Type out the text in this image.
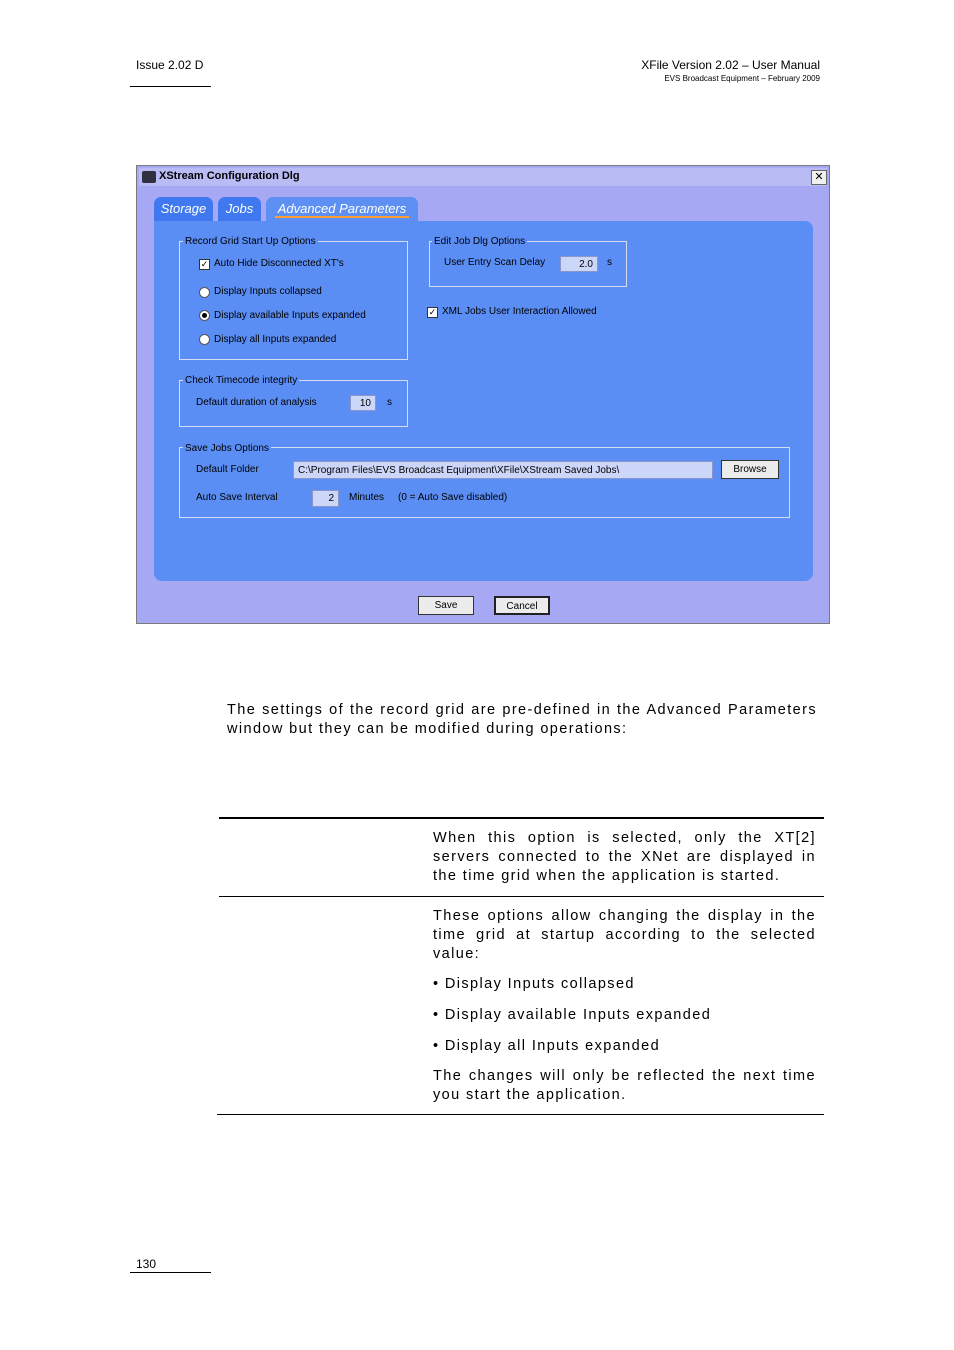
Issue 2.02 D	XFile Version 2.02 – User Manual
EVS Broadcast Equipment – February 2009
XStream Configuration Dlg	✕
Storage	Jobs	Advanced Parameters
Record Grid Start Up Options
✓ Auto Hide Disconnected XT's
Display Inputs collapsed
Display available Inputs expanded
Display all Inputs expanded
Edit Job Dlg Options
User Entry Scan Delay	2.0	s
✓ XML Jobs User Interaction Allowed
Check Timecode integrity
Default duration of analysis	10	s
Save Jobs Options
Default Folder	C:\Program Files\EVS Broadcast Equipment\XFile\XStream Saved Jobs\	Browse
Auto Save Interval	2	Minutes (0 = Auto Save disabled)
Save	Cancel
The settings of the record grid are pre-defined in the Advanced Parameters window but they can be modified during operations:
When this option is selected, only the XT[2] servers connected to the XNet are displayed in the time grid when the application is started.
These options allow changing the display in the time grid at startup according to the selected value:
• Display Inputs collapsed
• Display available Inputs expanded
• Display all Inputs expanded
The changes will only be reflected the next time you start the application.
130
